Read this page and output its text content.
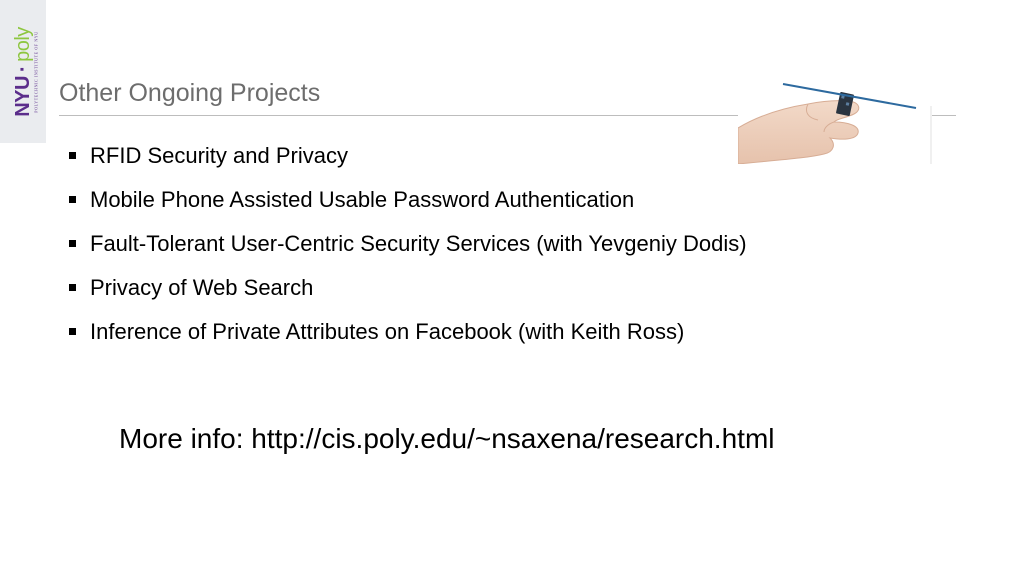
NYU
·
poly POLYTECHNIC INSTITUTE OF NYU Other Ongoing Projects
RFID Security and Privacy
Mobile Phone Assisted Usable Password Authentication
Fault-Tolerant User-Centric Security Services (with Yevgeniy Dodis)
Privacy of Web Search
Inference of Private Attributes on Facebook (with Keith Ross)
More info: http://cis.poly.edu/~nsaxena/research.html
